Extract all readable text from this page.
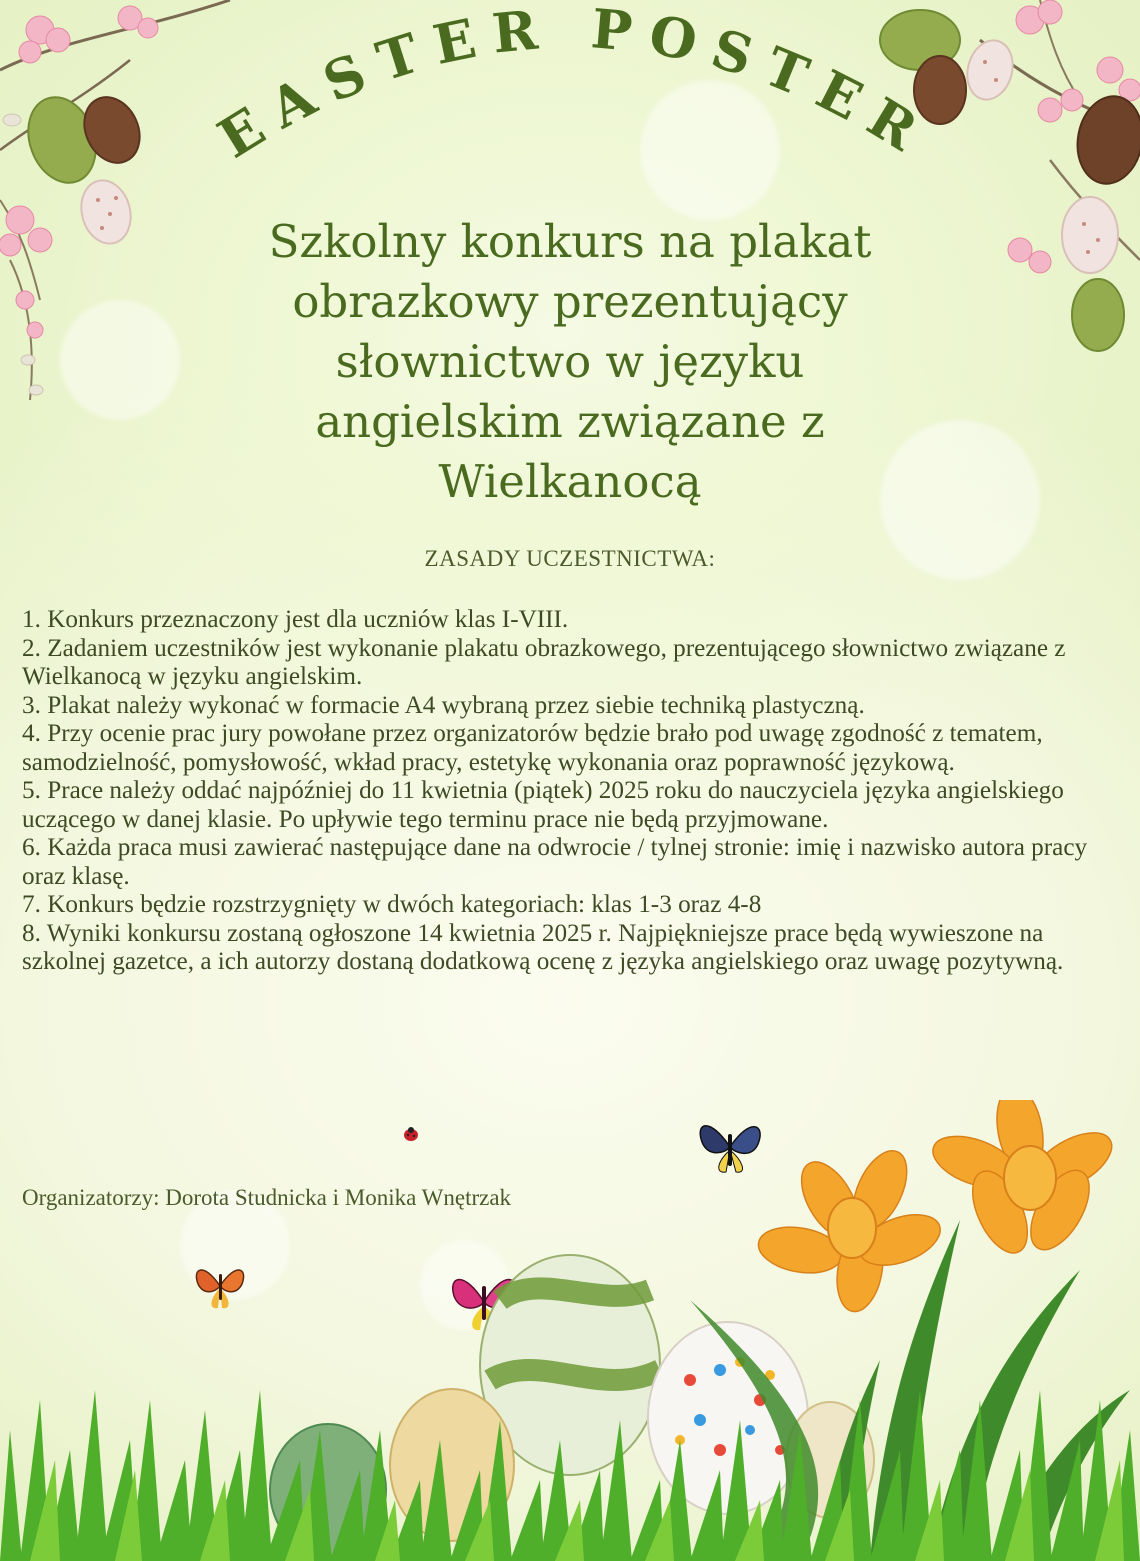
EASTER POSTER
Szkolny konkurs na plakat
obrazkowy prezentujący
słownictwo w języku
angielskim związane z
Wielkanocą
ZASADY UCZESTNICTWA:
1. Konkurs przeznaczony jest dla uczniów klas I-VIII.
2. Zadaniem uczestników jest wykonanie plakatu obrazkowego, prezentującego słownictwo związane z Wielkanocą w języku angielskim.
3. Plakat należy wykonać w formacie A4 wybraną przez siebie techniką plastyczną.
4. Przy ocenie prac jury powołane przez organizatorów będzie brało pod uwagę zgodność z tematem, samodzielność, pomysłowość, wkład pracy, estetykę wykonania oraz poprawność językową.
5. Prace należy oddać najpóźniej do 11 kwietnia (piątek) 2025 roku do nauczyciela języka angielskiego uczącego w danej klasie. Po upływie tego terminu prace nie będą przyjmowane.
6. Każda praca musi zawierać następujące dane na odwrocie / tylnej stronie: imię i nazwisko autora pracy oraz klasę.
7. Konkurs będzie rozstrzygnięty w dwóch kategoriach: klas 1-3 oraz 4-8
8. Wyniki konkursu zostaną ogłoszone 14 kwietnia 2025 r. Najpiękniejsze prace będą wywieszone na szkolnej gazetce, a ich autorzy dostaną dodatkową ocenę z języka angielskiego oraz uwagę pozytywną.
Organizatorzy: Dorota Studnicka i Monika Wnętrzak
